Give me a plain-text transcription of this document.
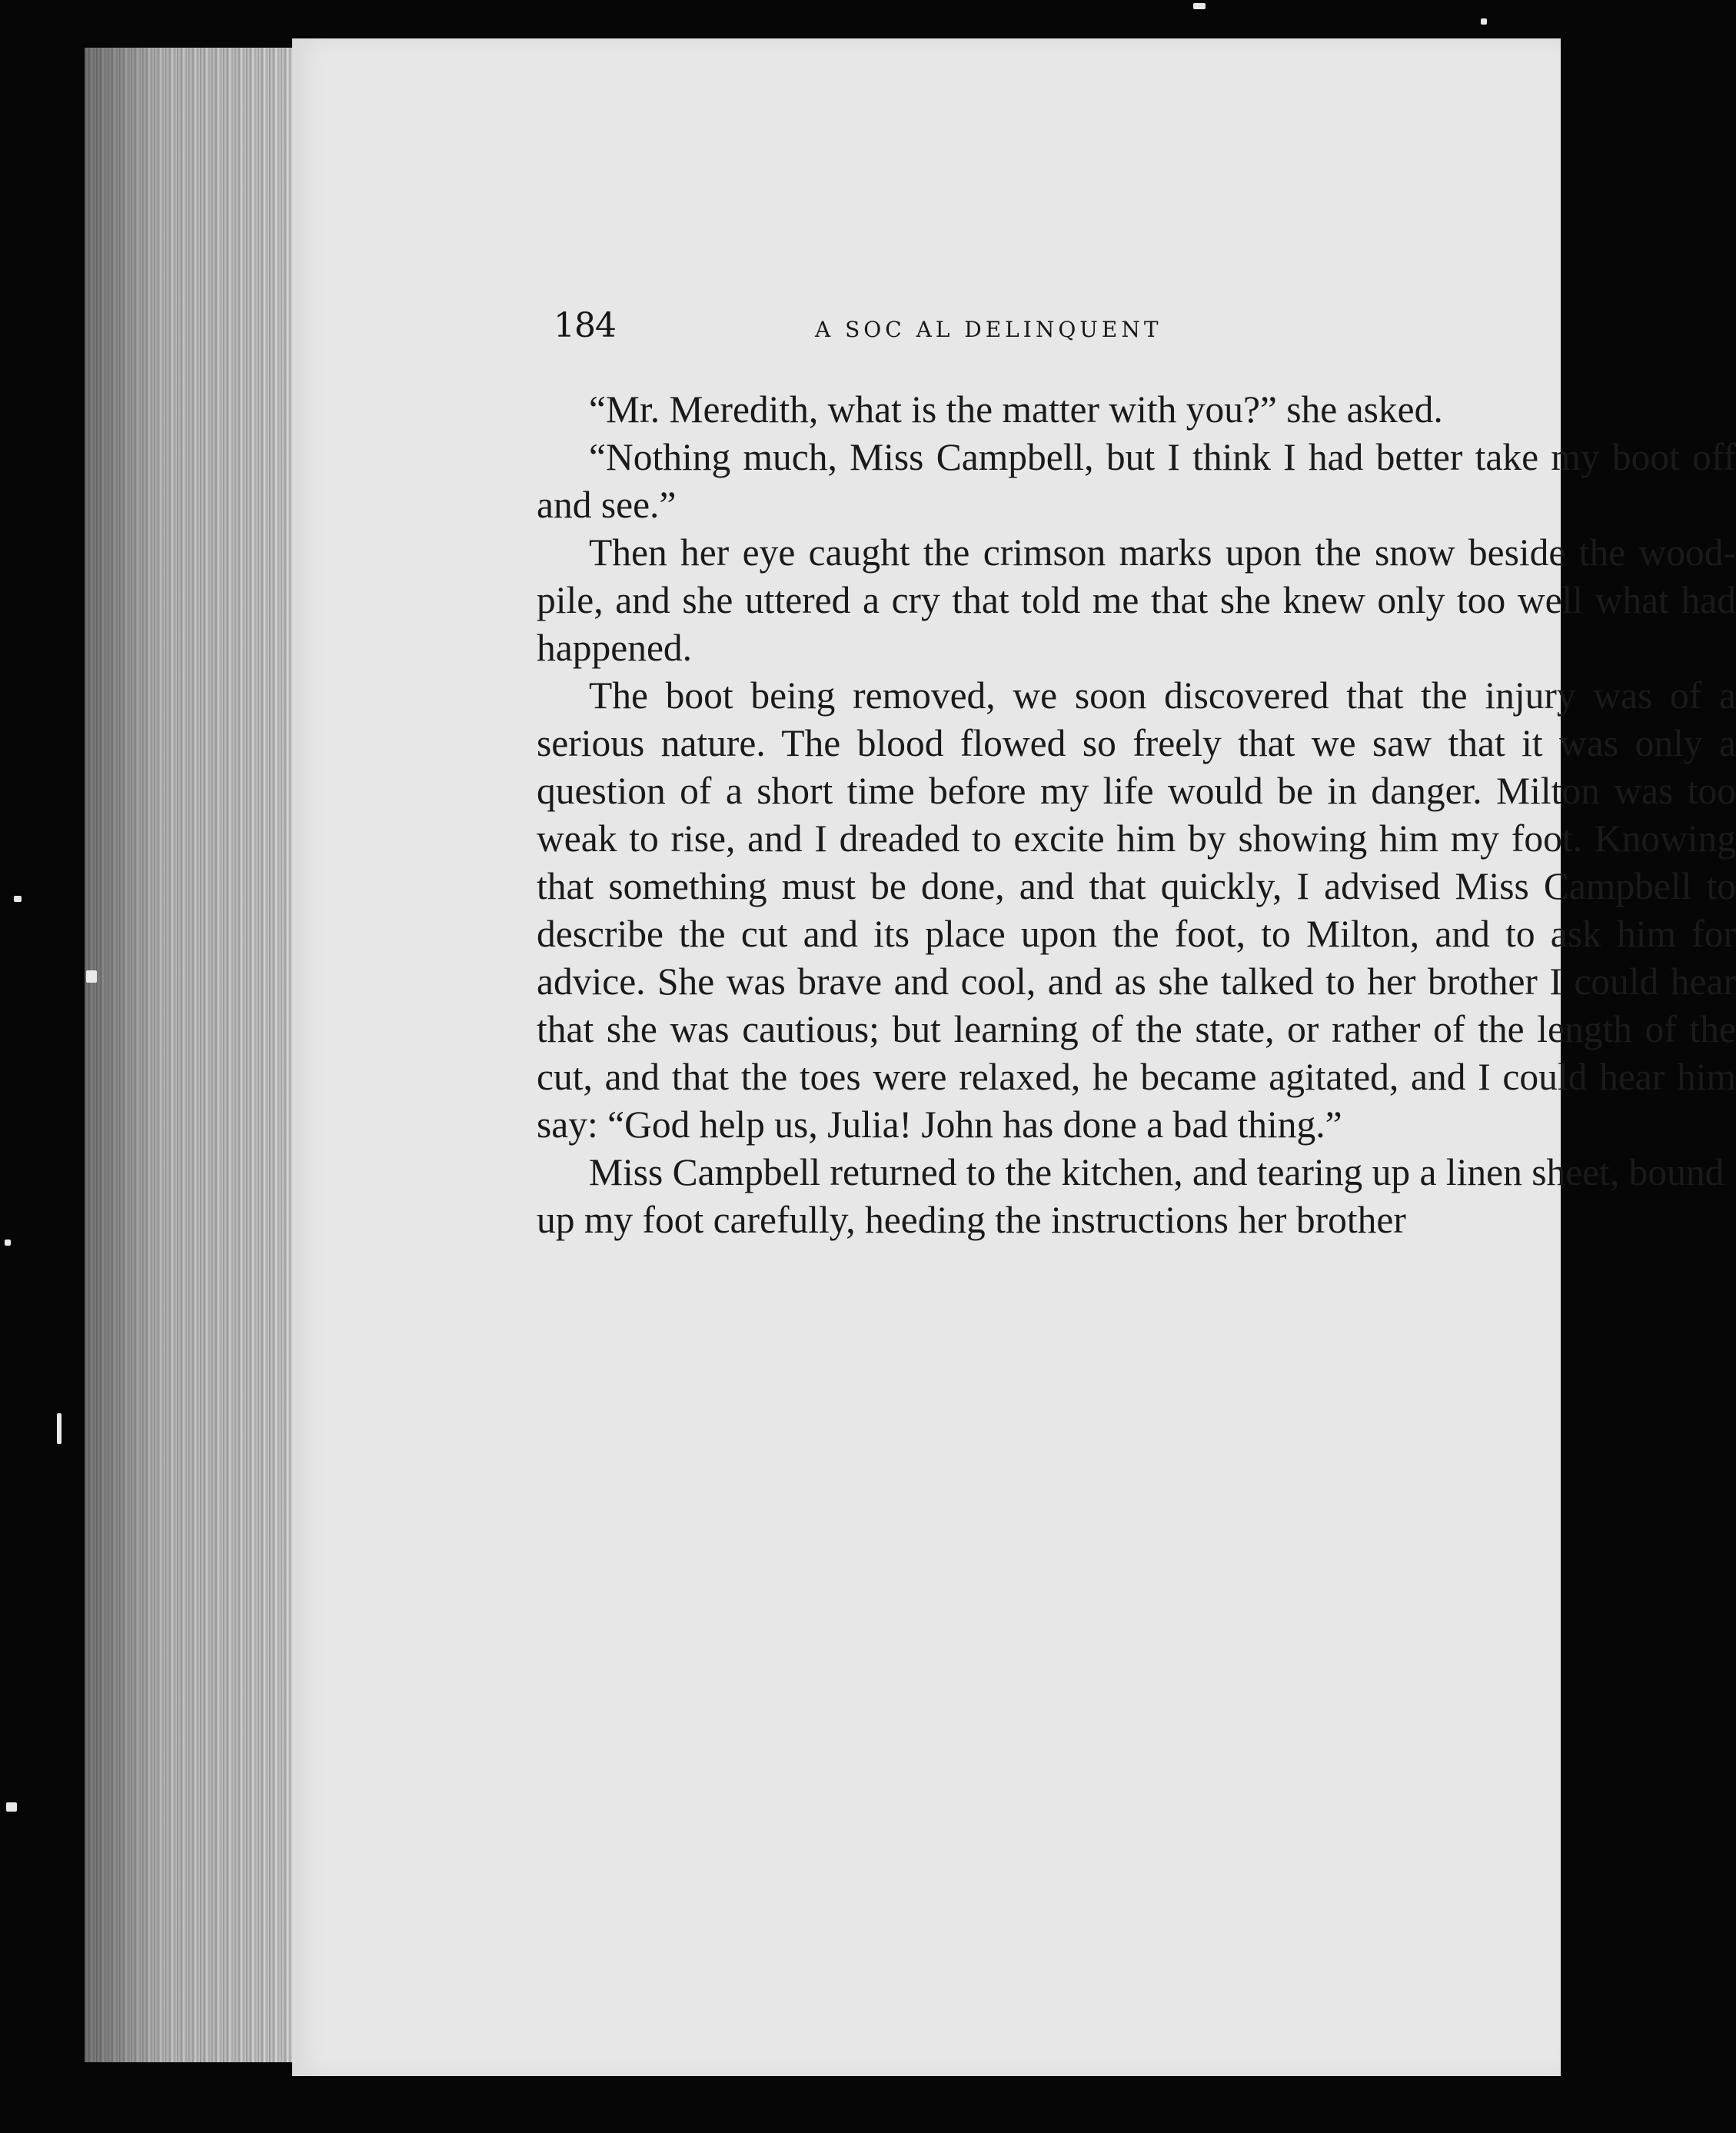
184	A SOC AL DELINQUENT

“Mr. Meredith, what is the matter with you?” she asked.

“Nothing much, Miss Campbell, but I think I had better take my boot off and see.”

Then her eye caught the crimson marks upon the snow beside the wood-pile, and she uttered a cry that told me that she knew only too well what had happened.

The boot being removed, we soon discovered that the injury was of a serious nature. The blood flowed so freely that we saw that it was only a question of a short time before my life would be in danger. Milton was too weak to rise, and I dreaded to excite him by showing him my foot. Knowing that something must be done, and that quickly, I advised Miss Campbell to describe the cut and its place upon the foot, to Milton, and to ask him for advice. She was brave and cool, and as she talked to her brother I could hear that she was cautious; but learning of the state, or rather of the length of the cut, and that the toes were relaxed, he became agitated, and I could hear him say: “God help us, Julia! John has done a bad thing.”

Miss Campbell returned to the kitchen, and tearing up a linen sheet, bound up my foot carefully, heeding the instructions her brother
